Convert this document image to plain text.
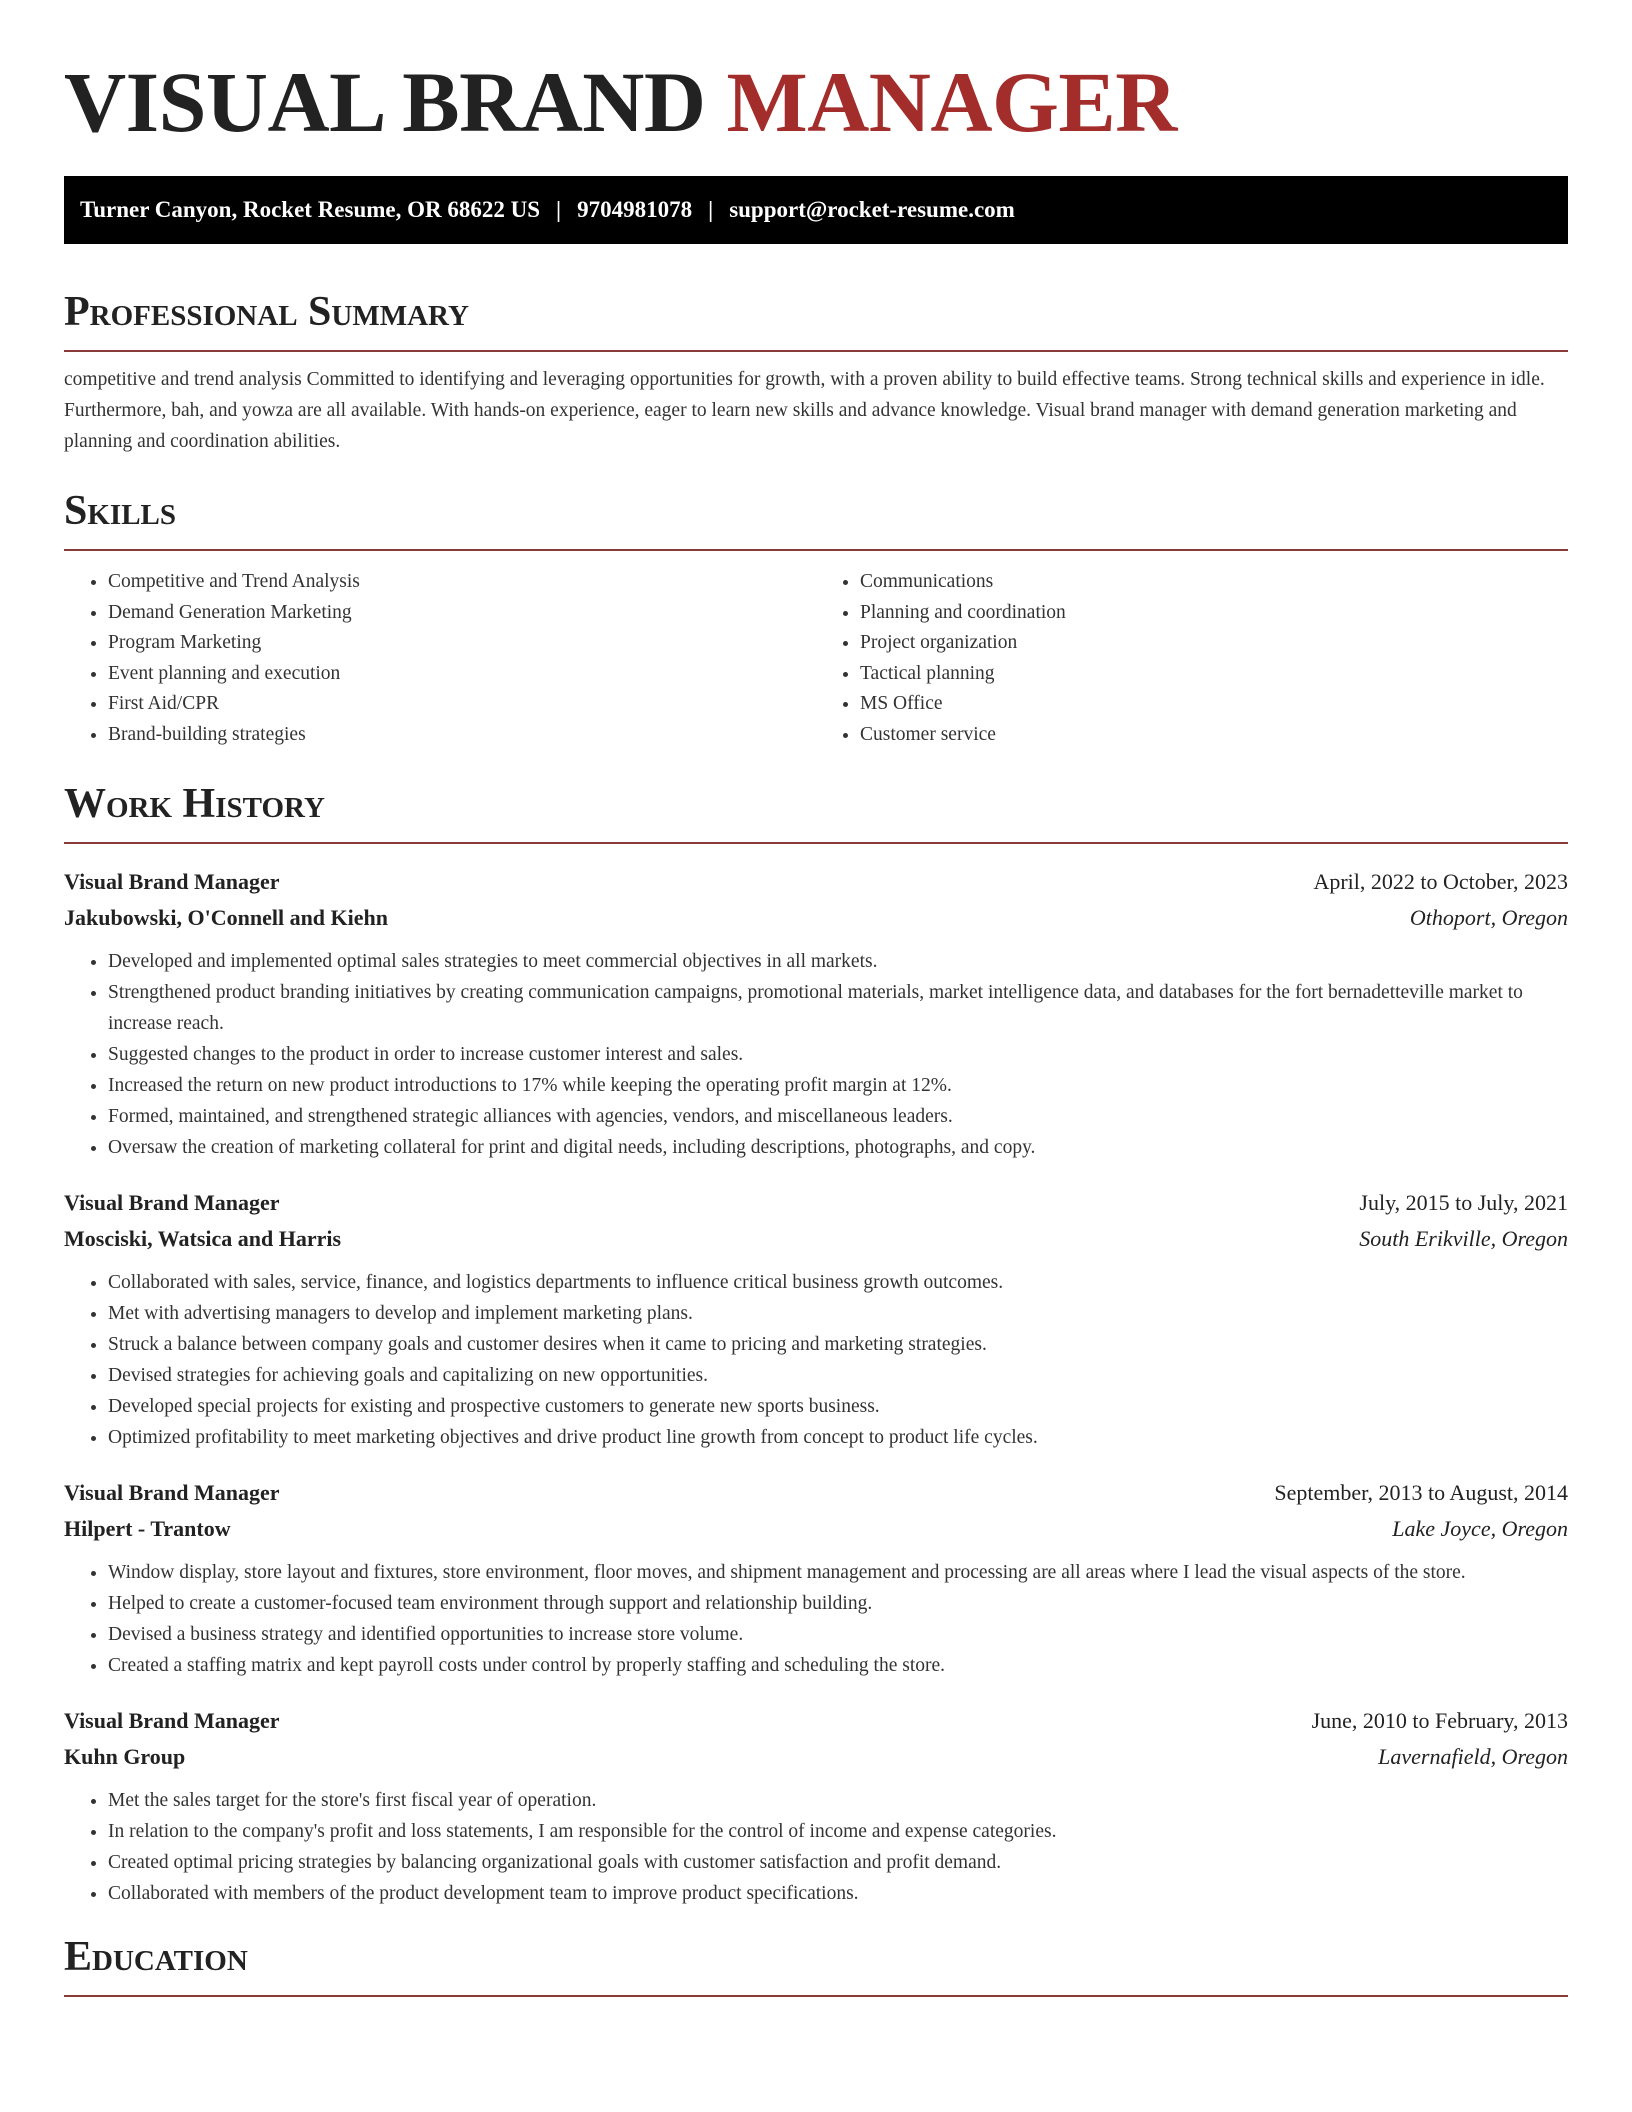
VISUAL BRAND MANAGER
Turner Canyon, Rocket Resume, OR 68622 US | 9704981078 | support@rocket-resume.com
Professional Summary

competitive and trend analysis Committed to identifying and leveraging opportunities for growth, with a proven ability to build effective teams. Strong technical skills and experience in idle. Furthermore, bah, and yowza are all available. With hands-on experience, eager to learn new skills and advance knowledge. Visual brand manager with demand generation marketing and planning and coordination abilities.

Skills
• Competitive and Trend Analysis
• Demand Generation Marketing
• Program Marketing
• Event planning and execution
• First Aid/CPR
• Brand-building strategies
• Communications
• Planning and coordination
• Project organization
• Tactical planning
• MS Office
• Customer service
Work History
Visual Brand Manager	April, 2022 to October, 2023
Jakubowski, O'Connell and Kiehn	Othoport, Oregon
• Developed and implemented optimal sales strategies to meet commercial objectives in all markets.
• Strengthened product branding initiatives by creating communication campaigns, promotional materials, market intelligence data, and databases for the fort bernadetteville market to increase reach.
• Suggested changes to the product in order to increase customer interest and sales.
• Increased the return on new product introductions to 17% while keeping the operating profit margin at 12%.
• Formed, maintained, and strengthened strategic alliances with agencies, vendors, and miscellaneous leaders.
• Oversaw the creation of marketing collateral for print and digital needs, including descriptions, photographs, and copy.
Visual Brand Manager	July, 2015 to July, 2021
Mosciski, Watsica and Harris	South Erikville, Oregon
• Collaborated with sales, service, finance, and logistics departments to influence critical business growth outcomes.
• Met with advertising managers to develop and implement marketing plans.
• Struck a balance between company goals and customer desires when it came to pricing and marketing strategies.
• Devised strategies for achieving goals and capitalizing on new opportunities.
• Developed special projects for existing and prospective customers to generate new sports business.
• Optimized profitability to meet marketing objectives and drive product line growth from concept to product life cycles.
Visual Brand Manager	September, 2013 to August, 2014
Hilpert - Trantow	Lake Joyce, Oregon
• Window display, store layout and fixtures, store environment, floor moves, and shipment management and processing are all areas where I lead the visual aspects of the store.
• Helped to create a customer-focused team environment through support and relationship building.
• Devised a business strategy and identified opportunities to increase store volume.
• Created a staffing matrix and kept payroll costs under control by properly staffing and scheduling the store.
Visual Brand Manager	June, 2010 to February, 2013
Kuhn Group	Lavernafield, Oregon
• Met the sales target for the store's first fiscal year of operation.
• In relation to the company's profit and loss statements, I am responsible for the control of income and expense categories.
• Created optimal pricing strategies by balancing organizational goals with customer satisfaction and profit demand.
• Collaborated with members of the product development team to improve product specifications.
Education
